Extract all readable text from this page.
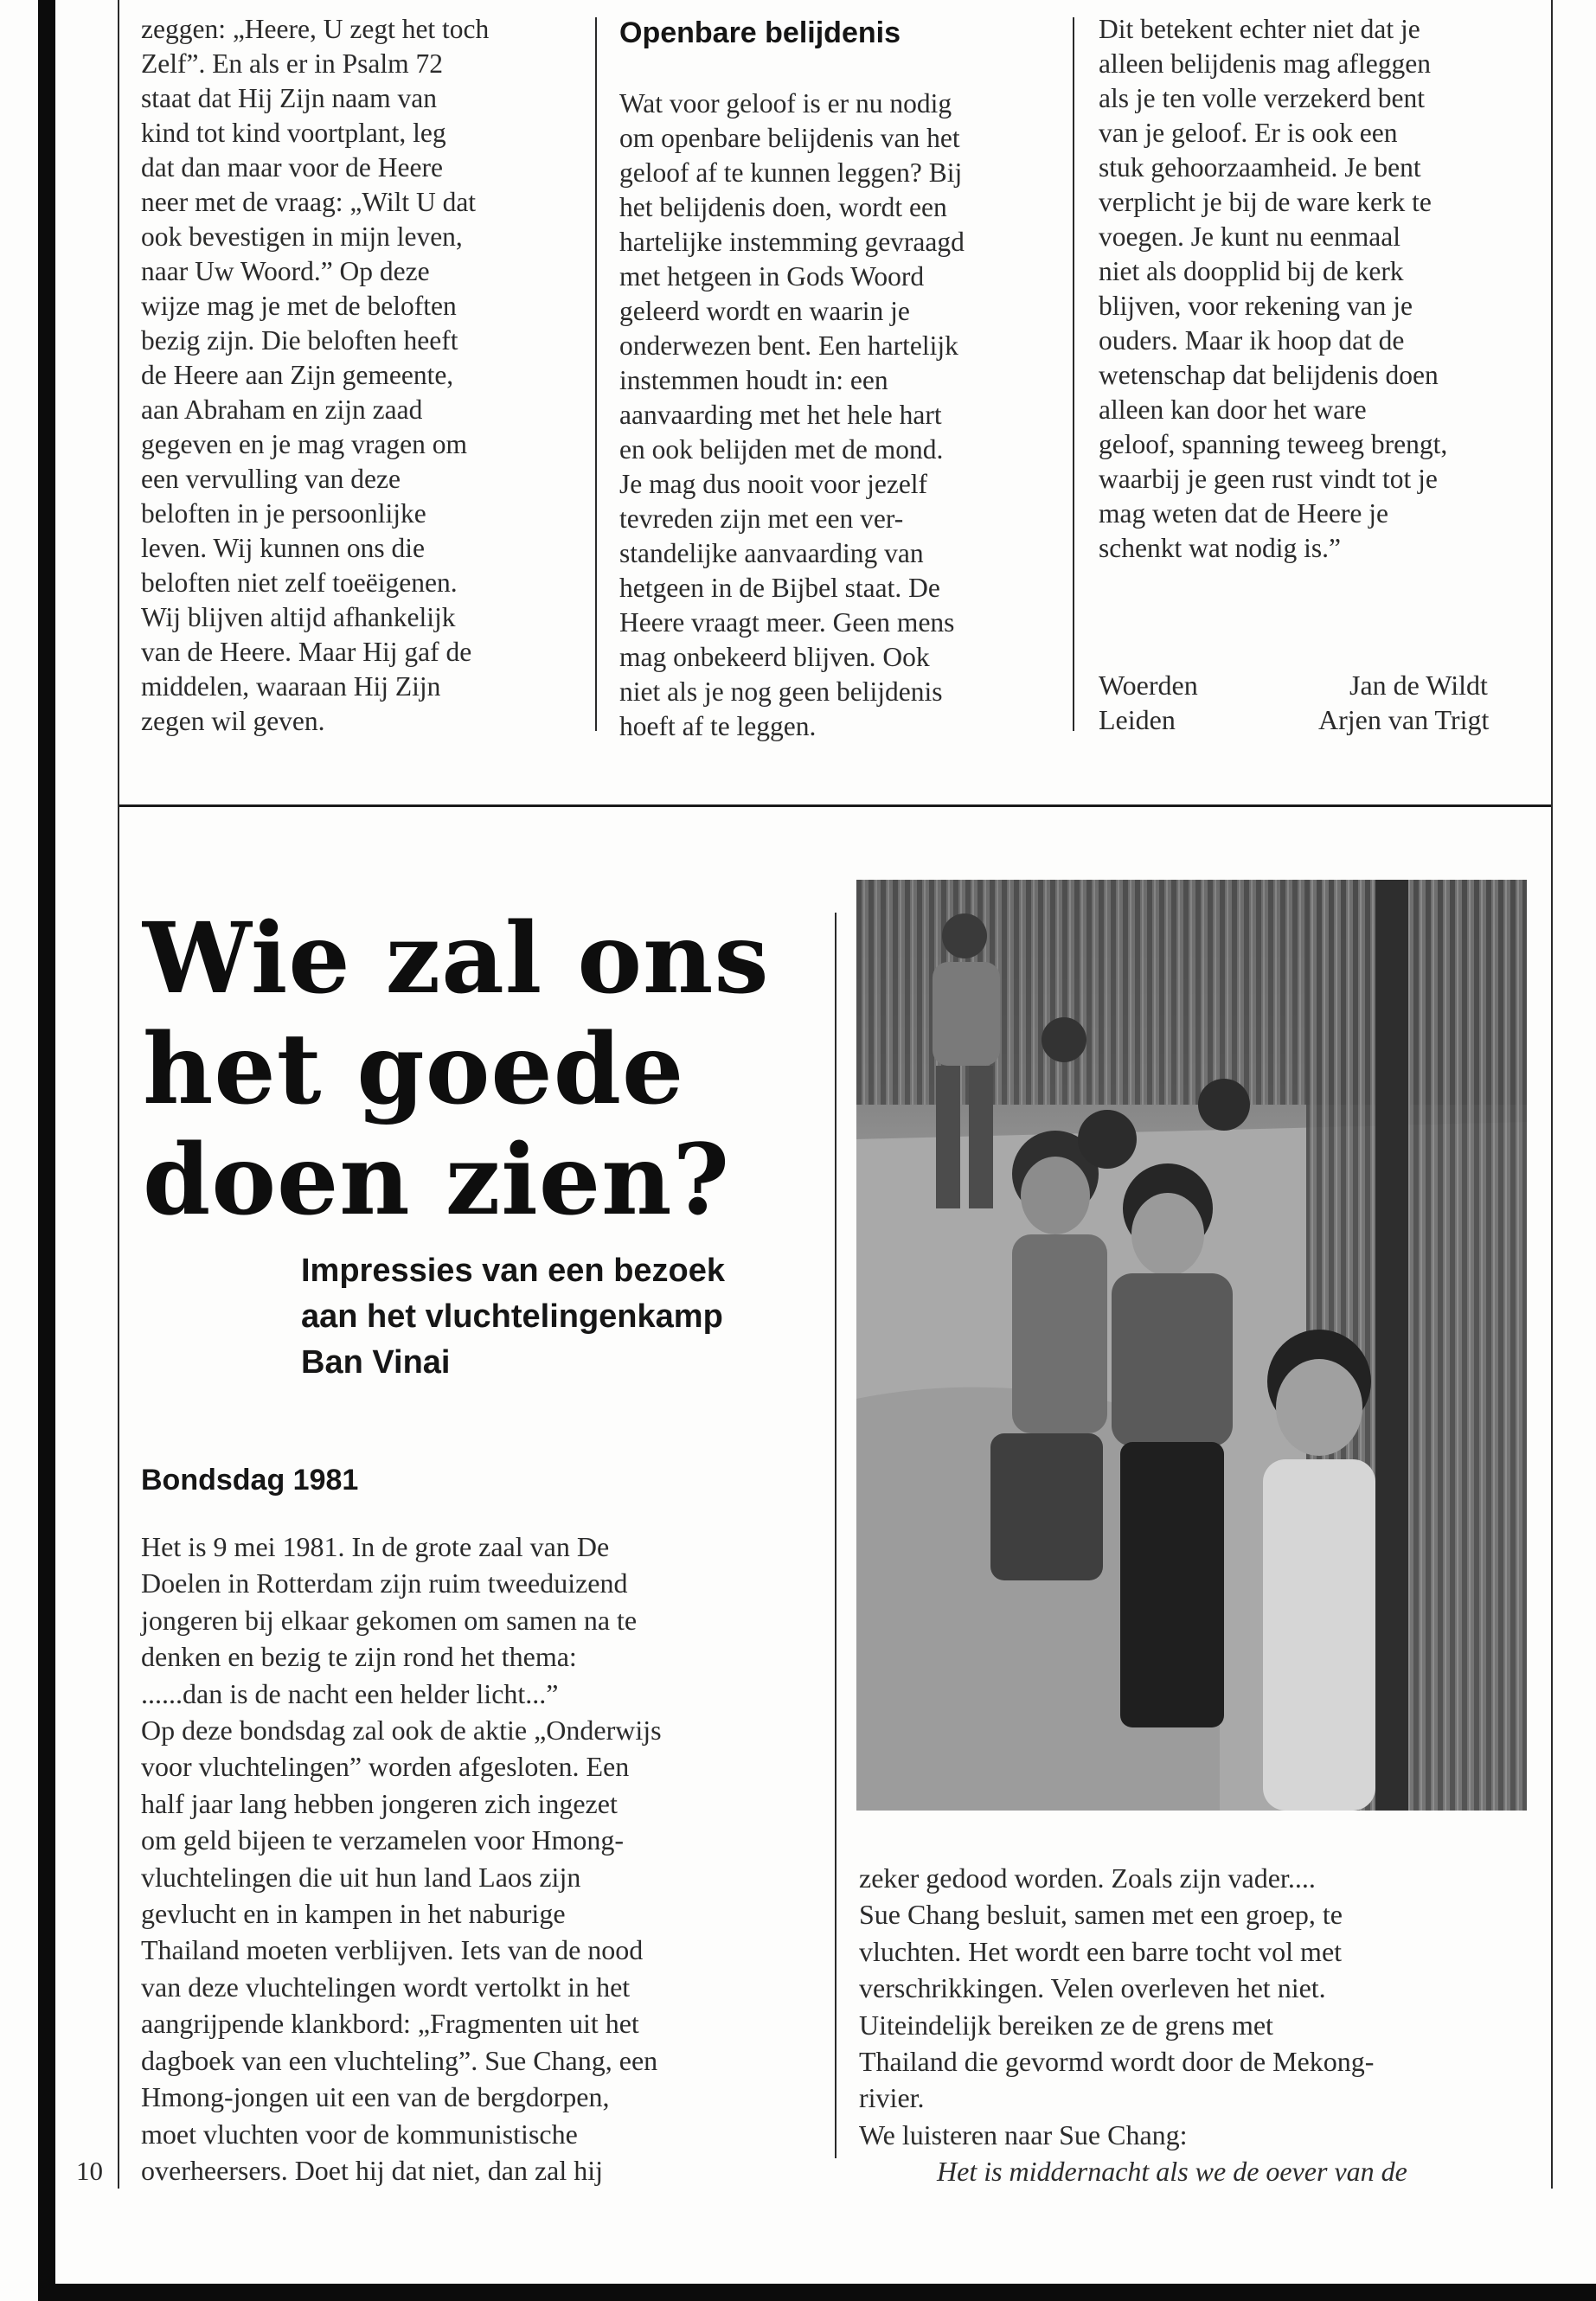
zeggen: „Heere, U zegt het toch
Zelf”. En als er in Psalm 72
staat dat Hij Zijn naam van
kind tot kind voortplant, leg
dat dan maar voor de Heere
neer met de vraag: „Wilt U dat
ook bevestigen in mijn leven,
naar Uw Woord.” Op deze
wijze mag je met de beloften
bezig zijn. Die beloften heeft
de Heere aan Zijn gemeente,
aan Abraham en zijn zaad
gegeven en je mag vragen om
een vervulling van deze
beloften in je persoonlijke
leven. Wij kunnen ons die
beloften niet zelf toeëigenen.
Wij blijven altijd afhankelijk
van de Heere. Maar Hij gaf de
middelen, waaraan Hij Zijn
zegen wil geven.

Openbare belijdenis

Wat voor geloof is er nu nodig
om openbare belijdenis van het
geloof af te kunnen leggen? Bij
het belijdenis doen, wordt een
hartelijke instemming gevraagd
met hetgeen in Gods Woord
geleerd wordt en waarin je
onderwezen bent. Een hartelijk
instemmen houdt in: een
aanvaarding met het hele hart
en ook belijden met de mond.
Je mag dus nooit voor jezelf
tevreden zijn met een ver-
standelijke aanvaarding van
hetgeen in de Bijbel staat. De
Heere vraagt meer. Geen mens
mag onbekeerd blijven. Ook
niet als je nog geen belijdenis
hoeft af te leggen.

Dit betekent echter niet dat je
alleen belijdenis mag afleggen
als je ten volle verzekerd bent
van je geloof. Er is ook een
stuk gehoorzaamheid. Je bent
verplicht je bij de ware kerk te
voegen. Je kunt nu eenmaal
niet als doopplid bij de kerk
blijven, voor rekening van je
ouders. Maar ik hoop dat de
wetenschap dat belijdenis doen
alleen kan door het ware
geloof, spanning teweeg brengt,
waarbij je geen rust vindt tot je
mag weten dat de Heere je
schenkt wat nodig is.”

Woerden	Jan de Wildt
Leiden	Arjen van Trigt
Wie zal ons
het goede
doen zien?
Impressies van een bezoek
aan het vluchtelingenkamp
Ban Vinai
Bondsdag 1981

Het is 9 mei 1981. In de grote zaal van De
Doelen in Rotterdam zijn ruim tweeduizend
jongeren bij elkaar gekomen om samen na te
denken en bezig te zijn rond het thema:
......dan is de nacht een helder licht...”
Op deze bondsdag zal ook de aktie „Onderwijs
voor vluchtelingen” worden afgesloten. Een
half jaar lang hebben jongeren zich ingezet
om geld bijeen te verzamelen voor Hmong-
vluchtelingen die uit hun land Laos zijn
gevlucht en in kampen in het naburige
Thailand moeten verblijven. Iets van de nood
van deze vluchtelingen wordt vertolkt in het
aangrijpende klankbord: „Fragmenten uit het
dagboek van een vluchteling”. Sue Chang, een
Hmong-jongen uit een van de bergdorpen,
moet vluchten voor de kommunistische
overheersers. Doet hij dat niet, dan zal hij

zeker gedood worden. Zoals zijn vader....
Sue Chang besluit, samen met een groep, te
vluchten. Het wordt een barre tocht vol met
verschrikkingen. Velen overleven het niet.
Uiteindelijk bereiken ze de grens met
Thailand die gevormd wordt door de Mekong-
rivier.
We luisteren naar Sue Chang:

Het is middernacht als we de oever van de

10
